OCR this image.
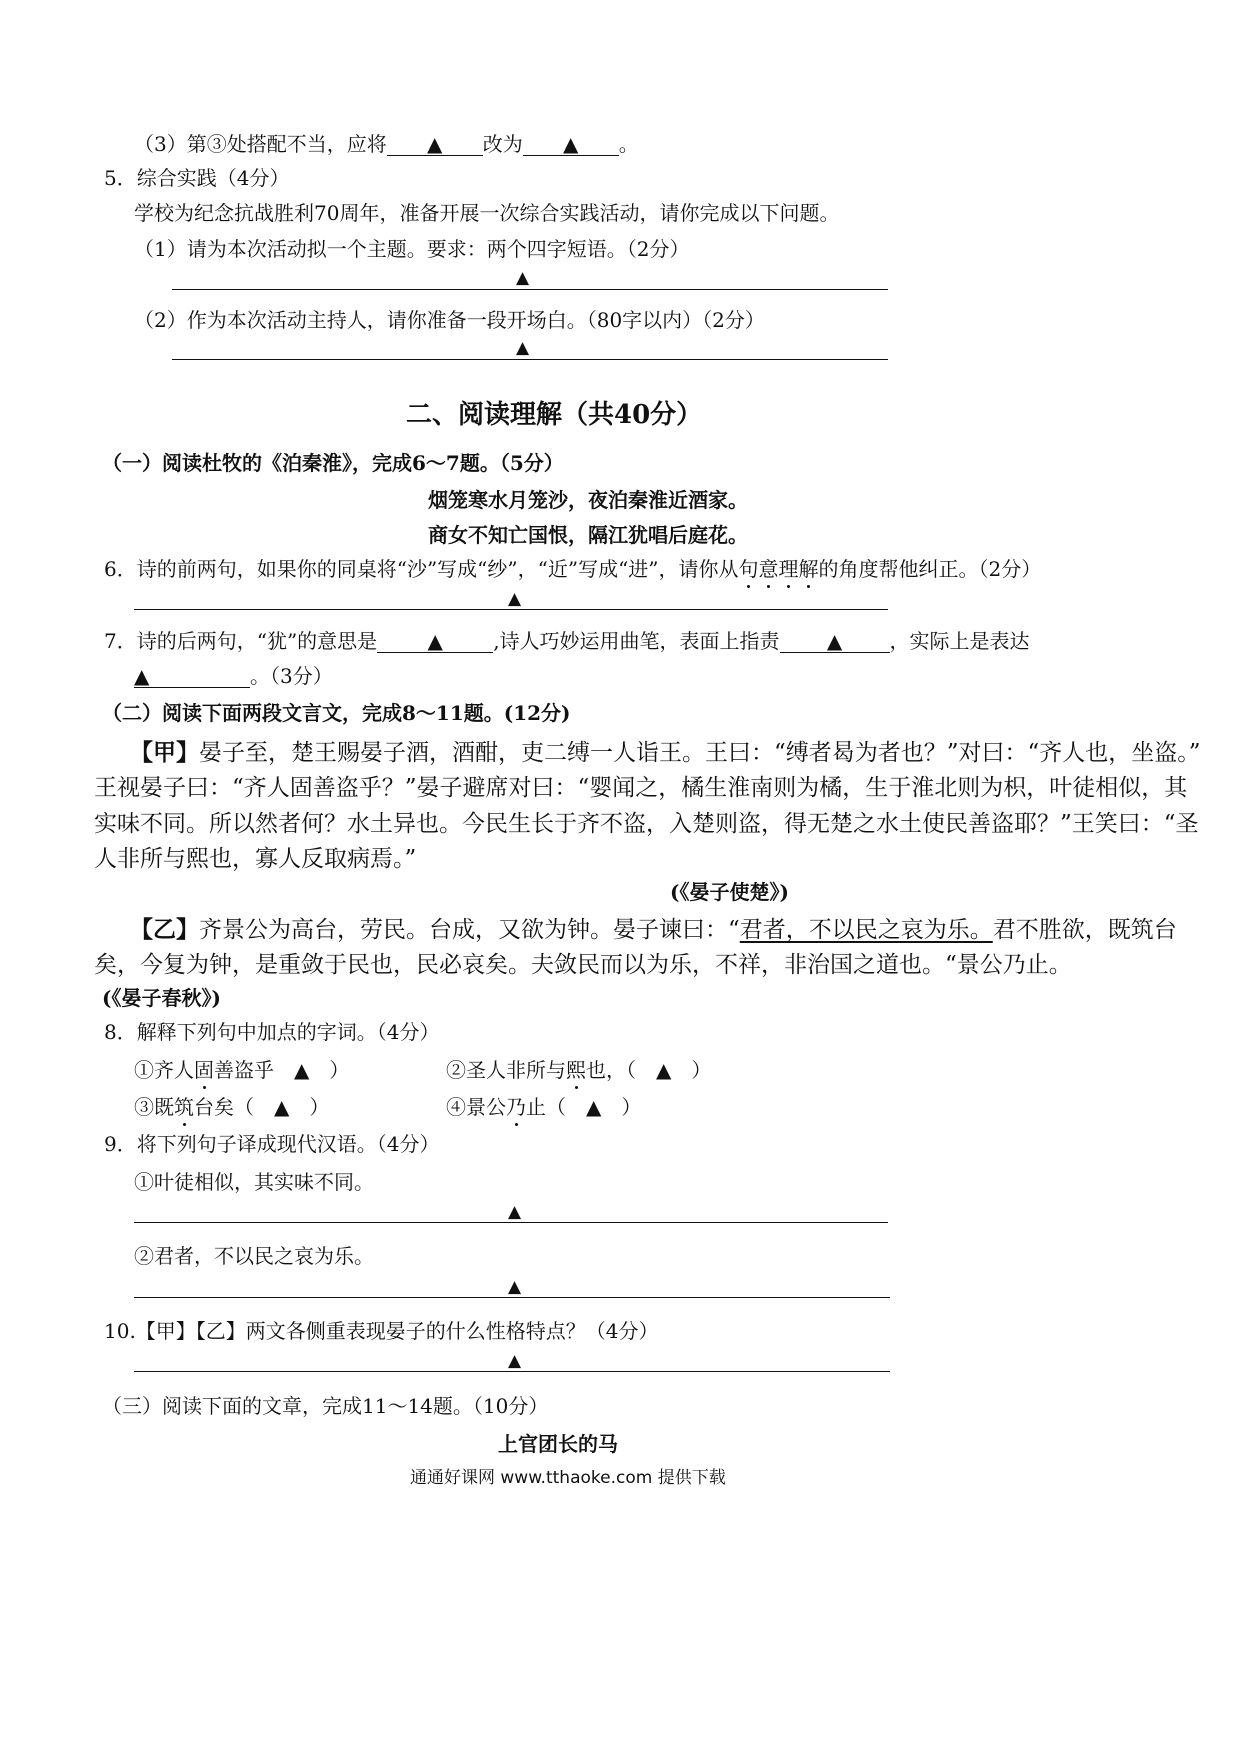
（3）第③处搭配不当，应将 ▲ 改为 ▲ 。
5．综合实践（4分）
学校为纪念抗战胜利70周年，准备开展一次综合实践活动，请你完成以下问题。
（1）请为本次活动拟一个主题。要求：两个四字短语。（2分）
▲
（2）作为本次活动主持人，请你准备一段开场白。（80字以内）（2分）
▲
二、阅读理解（共40分）
（一）阅读杜牧的《泊秦淮》，完成6～7题。（5分）
烟笼寒水月笼沙，夜泊秦淮近酒家。
商女不知亡国恨，隔江犹唱后庭花。
6．诗的前两句，如果你的同桌将“沙”写成“纱”，“近”写成“进”，请你从句意理解的角度帮他纠正。（2分）
▲
7．诗的后两句，“犹”的意思是	▲	,诗人巧妙运用曲笔，表面上指责 ▲ ，实际上是表达
▲	。（3分）
（二）阅读下面两段文言文，完成8～11题。(12分)
【甲】晏子至，楚王赐晏子酒，酒酣，吏二缚一人诣王。王曰：“缚者曷为者也？”对曰：“齐人也，坐盗。”
王视晏子曰：“齐人固善盗乎？”晏子避席对曰：“婴闻之，橘生淮南则为橘，生于淮北则为枳，叶徒相似，其
实味不同。所以然者何？水土异也。今民生长于齐不盗，入楚则盗，得无楚之水土使民善盗耶？”王笑曰：“圣
人非所与熙也，寡人反取病焉。”
(《晏子使楚》)
【乙】齐景公为高台，劳民。台成，又欲为钟。晏子谏曰：“君者，不以民之哀为乐。君不胜欲，既筑台
矣，今复为钟，是重敛于民也，民必哀矣。夫敛民而以为乐，不祥，非治国之道也。“景公乃止。
(《晏子春秋》)
8．解释下列句中加点的字词。（4分）
①齐人固善盗乎　▲　）	②圣人非所与熙也，（　▲　）
③既筑台矣（　▲　）	④景公乃止（　▲　）
9．将下列句子译成现代汉语。（4分）
①叶徒相似，其实味不同。
▲
②君者，不以民之哀为乐。
▲
10.【甲】【乙】两文各侧重表现晏子的什么性格特点？（4分）
▲
（三）阅读下面的文章，完成11～14题。（10分）
上官团长的马
通通好课网 www.tthaoke.com 提供下载
